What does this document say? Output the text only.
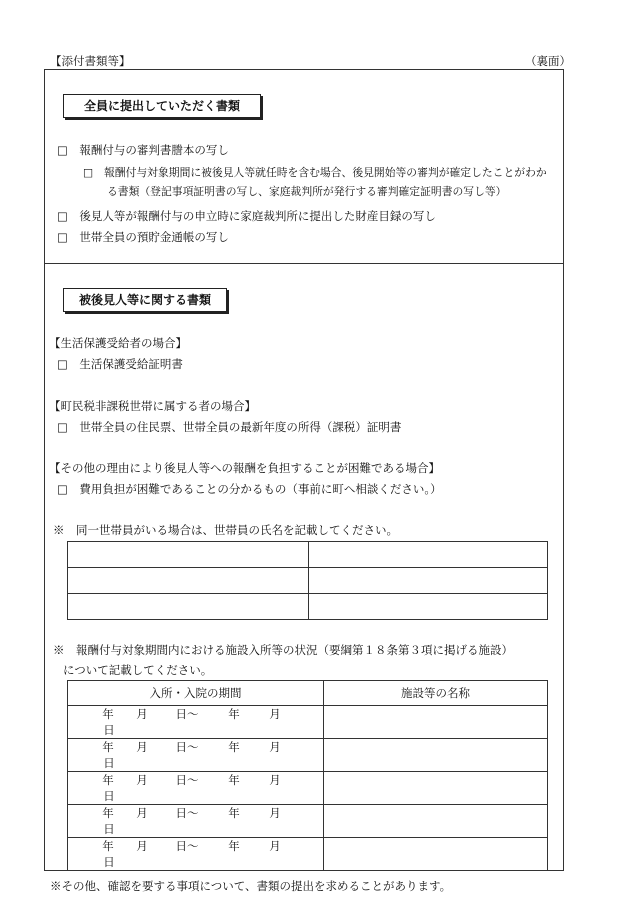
【添付書類等】	（裏面）
全員に提出していただく書類
□　報酬付与の審判書謄本の写し
□　報酬付与対象期間に被後見人等就任時を含む場合、後見開始等の審判が確定したことがわか
る書類（登記事項証明書の写し、家庭裁判所が発行する審判確定証明書の写し等）
□　後見人等が報酬付与の申立時に家庭裁判所に提出した財産目録の写し
□　世帯全員の預貯金通帳の写し
被後見人等に関する書類
【生活保護受給者の場合】
□　生活保護受給証明書
【町民税非課税世帯に属する者の場合】
□　世帯全員の住民票、世帯全員の最新年度の所得（課税）証明書
【その他の理由により後見人等への報酬を負担することが困難である場合】
□　費用負担が困難であることの分かるもの（事前に町へ相談ください。）
※　同一世帯員がいる場合は、世帯員の氏名を記載してください。

※　報酬付与対象期間内における施設入所等の状況（要綱第１８条第３項に掲げる施設）
について記載してください。
入所・入院の期間	施設等の名称

年 月 日～ 年 月日	

年 月 日～ 年 月日	

年 月 日～ 年 月日	

年 月 日～ 年 月日	

年 月 日～ 年 月日	

※その他、確認を要する事項について、書類の提出を求めることがあります。
